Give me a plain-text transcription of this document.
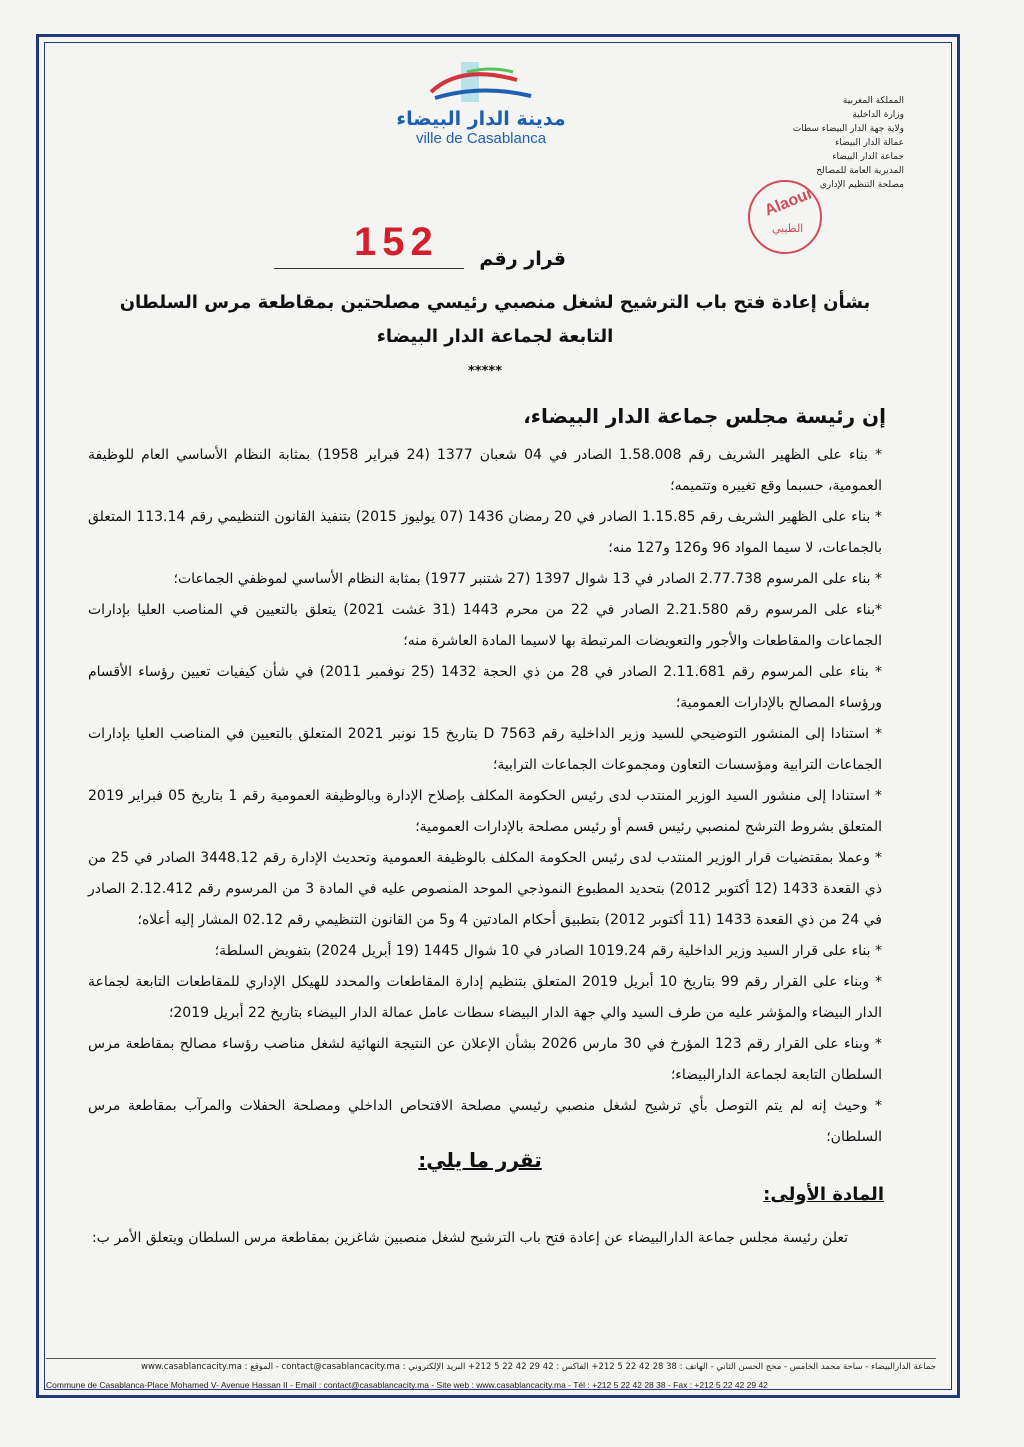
مدينة الدار البيضاء
ville de Casablanca
المملكة المغربية
وزارة الداخلية
ولاية جهة الدار البيضاء سطات
عمالة الدار البيضاء
جماعة الدار البيضاء
المديرية العامة للمصالح
مصلحة التنظيم الإداري
Alaoui
الطيبي
152 قرار رقم
بشأن إعادة فتح باب الترشيح لشغل منصبي رئيسي مصلحتين بمقاطعة مرس السلطان
التابعة لجماعة الدار البيضاء
*****
إن رئيسة مجلس جماعة الدار البيضاء،
* بناء على الظهير الشريف رقم 1.58.008 الصادر في 04 شعبان 1377 (24 فبراير 1958) بمثابة النظام الأساسي العام للوظيفة العمومية، حسبما وقع تغييره وتتميمه؛
* بناء على الظهير الشريف رقم 1.15.85 الصادر في 20 رمضان 1436 (07 يوليوز 2015) بتنفيذ القانون التنظيمي رقم 113.14 المتعلق بالجماعات، لا سيما المواد 96 و126 و127 منه؛
* بناء على المرسوم 2.77.738 الصادر في 13 شوال 1397 (27 شتنبر 1977) بمثابة النظام الأساسي لموظفي الجماعات؛
*بناء على المرسوم رقم 2.21.580 الصادر في 22 من محرم 1443 (31 غشت 2021) يتعلق بالتعيين في المناصب العليا بإدارات الجماعات والمقاطعات والأجور والتعويضات المرتبطة بها لاسيما المادة العاشرة منه؛
* بناء على المرسوم رقم 2.11.681 الصادر في 28 من ذي الحجة 1432 (25 نوفمبر 2011) في شأن كيفيات تعيين رؤساء الأقسام ورؤساء المصالح بالإدارات العمومية؛
* استنادا إلى المنشور التوضيحي للسيد وزير الداخلية رقم 7563 D بتاريخ 15 نونبر 2021 المتعلق بالتعيين في المناصب العليا بإدارات الجماعات الترابية ومؤسسات التعاون ومجموعات الجماعات الترابية؛
* استنادا إلى منشور السيد الوزير المنتدب لدى رئيس الحكومة المكلف بإصلاح الإدارة وبالوظيفة العمومية رقم 1 بتاريخ 05 فبراير 2019 المتعلق بشروط الترشح لمنصبي رئيس قسم أو رئيس مصلحة بالإدارات العمومية؛
* وعملا بمقتضيات قرار الوزير المنتدب لدى رئيس الحكومة المكلف بالوظيفة العمومية وتحديث الإدارة رقم 3448.12 الصادر في 25 من ذي القعدة 1433 (12 أكتوبر 2012) بتحديد المطبوع النموذجي الموحد المنصوص عليه في المادة 3 من المرسوم رقم 2.12.412 الصادر في 24 من ذي القعدة 1433 (11 أكتوبر 2012) بتطبيق أحكام المادتين 4 و5 من القانون التنظيمي رقم 02.12 المشار إليه أعلاه؛
* بناء على قرار السيد وزير الداخلية رقم 1019.24 الصادر في 10 شوال 1445 (19 أبريل 2024) بتفويض السلطة؛
* وبناء على القرار رقم 99 بتاريخ 10 أبريل 2019 المتعلق بتنظيم إدارة المقاطعات والمحدد للهيكل الإداري للمقاطعات التابعة لجماعة الدار البيضاء والمؤشر عليه من طرف السيد والي جهة الدار البيضاء سطات عامل عمالة الدار البيضاء بتاريخ 22 أبريل 2019؛
* وبناء على القرار رقم 123 المؤرخ في 30 مارس 2026 بشأن الإعلان عن النتيجة النهائية لشغل مناصب رؤساء مصالح بمقاطعة مرس السلطان التابعة لجماعة الدارالبيضاء؛
* وحيث إنه لم يتم التوصل بأي ترشيح لشغل منصبي رئيسي مصلحة الافتحاص الداخلي ومصلحة الحفلات والمرآب بمقاطعة مرس السلطان؛
تقرر ما يلي:
المادة الأولى:
تعلن رئيسة مجلس جماعة الدارالبيضاء عن إعادة فتح باب الترشيح لشغل منصبين شاغرين بمقاطعة مرس السلطان ويتعلق الأمر ب:
جماعة الدارالبيضاء - ساحة محمد الخامس - محج الحسن الثاني - الهاتف : 38 28 42 22 5 212+ الفاكس : 42 29 42 22 5 212+ البريد الإلكتروني : contact@casablancacity.ma - الموقع : www.casablancacity.ma
Commune de Casablanca-Place Mohamed V- Avenue Hassan II - Email : contact@casablancacity.ma - Site web : www.casablancacity.ma - Tél : +212 5 22 42 28 38 - Fax : +212 5 22 42 29 42
